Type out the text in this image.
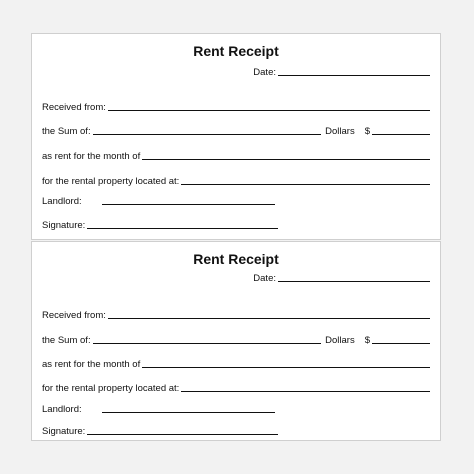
Rent Receipt
Date:
Received from:
the Sum of:	Dollars $
as rent for the month of
for the rental property located at:
Landlord:
Signature:
Rent Receipt
Date:
Received from:
the Sum of:	Dollars $
as rent for the month of
for the rental property located at:
Landlord:
Signature:
